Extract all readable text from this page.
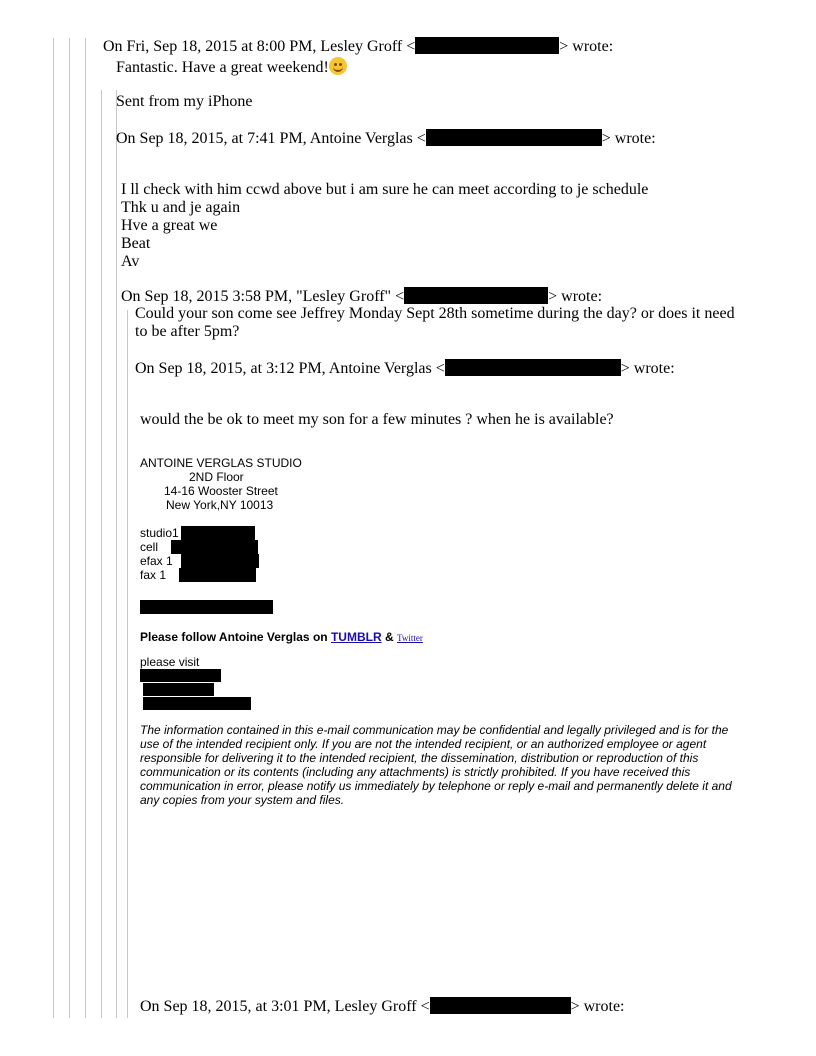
On Fri, Sep 18, 2015 at 8:00 PM, Lesley Groff <	> wrote:
Fantastic. Have a great weekend!
Sent from my iPhone
On Sep 18, 2015, at 7:41 PM, Antoine Verglas <	> wrote:
I ll check with him ccwd above but i am sure he can meet according to je schedule
Thk u and je again
Hve a great we
Beat
Av
On Sep 18, 2015 3:58 PM, "Lesley Groff" <	> wrote:
Could your son come see Jeffrey Monday Sept 28th sometime during the day? or does it need
to be after 5pm?
On Sep 18, 2015, at 3:12 PM, Antoine Verglas <	> wrote:
would the be ok to meet my son for a few minutes ? when he is available?
ANTOINE VERGLAS STUDIO
2ND Floor
14-16 Wooster Street
New York,NY 10013
studio1
cell
efax 1
fax 1
Please follow Antoine Verglas on TUMBLR & Twitter
please visit
The information contained in this e-mail communication may be confidential and legally privileged and is for the use of the intended recipient only. If you are not the intended recipient, or an authorized employee or agent responsible for delivering it to the intended recipient, the dissemination, distribution or reproduction of this communication or its contents (including any attachments) is strictly prohibited. If you have received this communication in error, please notify us immediately by telephone or reply e-mail and permanently delete it and any copies from your system and files.
On Sep 18, 2015, at 3:01 PM, Lesley Groff <	> wrote:
